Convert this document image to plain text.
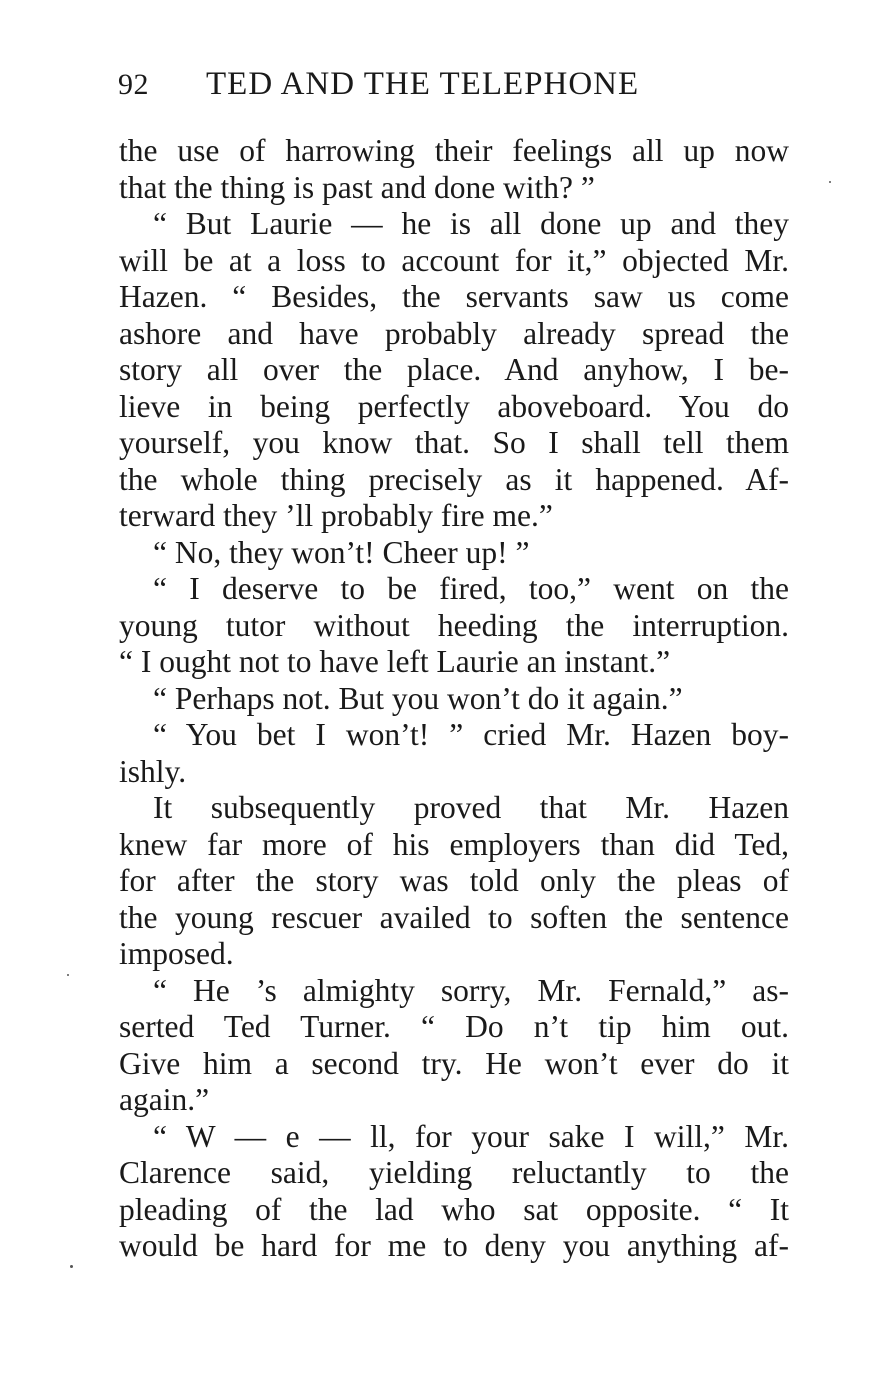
92 TED AND THE TELEPHONE
the use of harrowing their feelings all up now
that the thing is past and done with? ”
“ But Laurie — he is all done up and they
will be at a loss to account for it,” objected Mr.
Hazen. “ Besides, the servants saw us come
ashore and have probably already spread the
story all over the place. And anyhow, I be-
lieve in being perfectly aboveboard. You do
yourself, you know that. So I shall tell them
the whole thing precisely as it happened. Af-
terward they ’ll probably fire me.”
“ No, they won’t! Cheer up! ”
“ I deserve to be fired, too,” went on the
young tutor without heeding the interruption.
“ I ought not to have left Laurie an instant.”
“ Perhaps not. But you won’t do it again.”
“ You bet I won’t! ” cried Mr. Hazen boy-
ishly.
It subsequently proved that Mr. Hazen
knew far more of his employers than did Ted,
for after the story was told only the pleas of
the young rescuer availed to soften the sentence
imposed.
“ He ’s almighty sorry, Mr. Fernald,” as-
serted Ted Turner. “ Do n’t tip him out.
Give him a second try. He won’t ever do it
again.”
“ W — e — ll, for your sake I will,” Mr.
Clarence said, yielding reluctantly to the
pleading of the lad who sat opposite. “ It
would be hard for me to deny you anything af-
